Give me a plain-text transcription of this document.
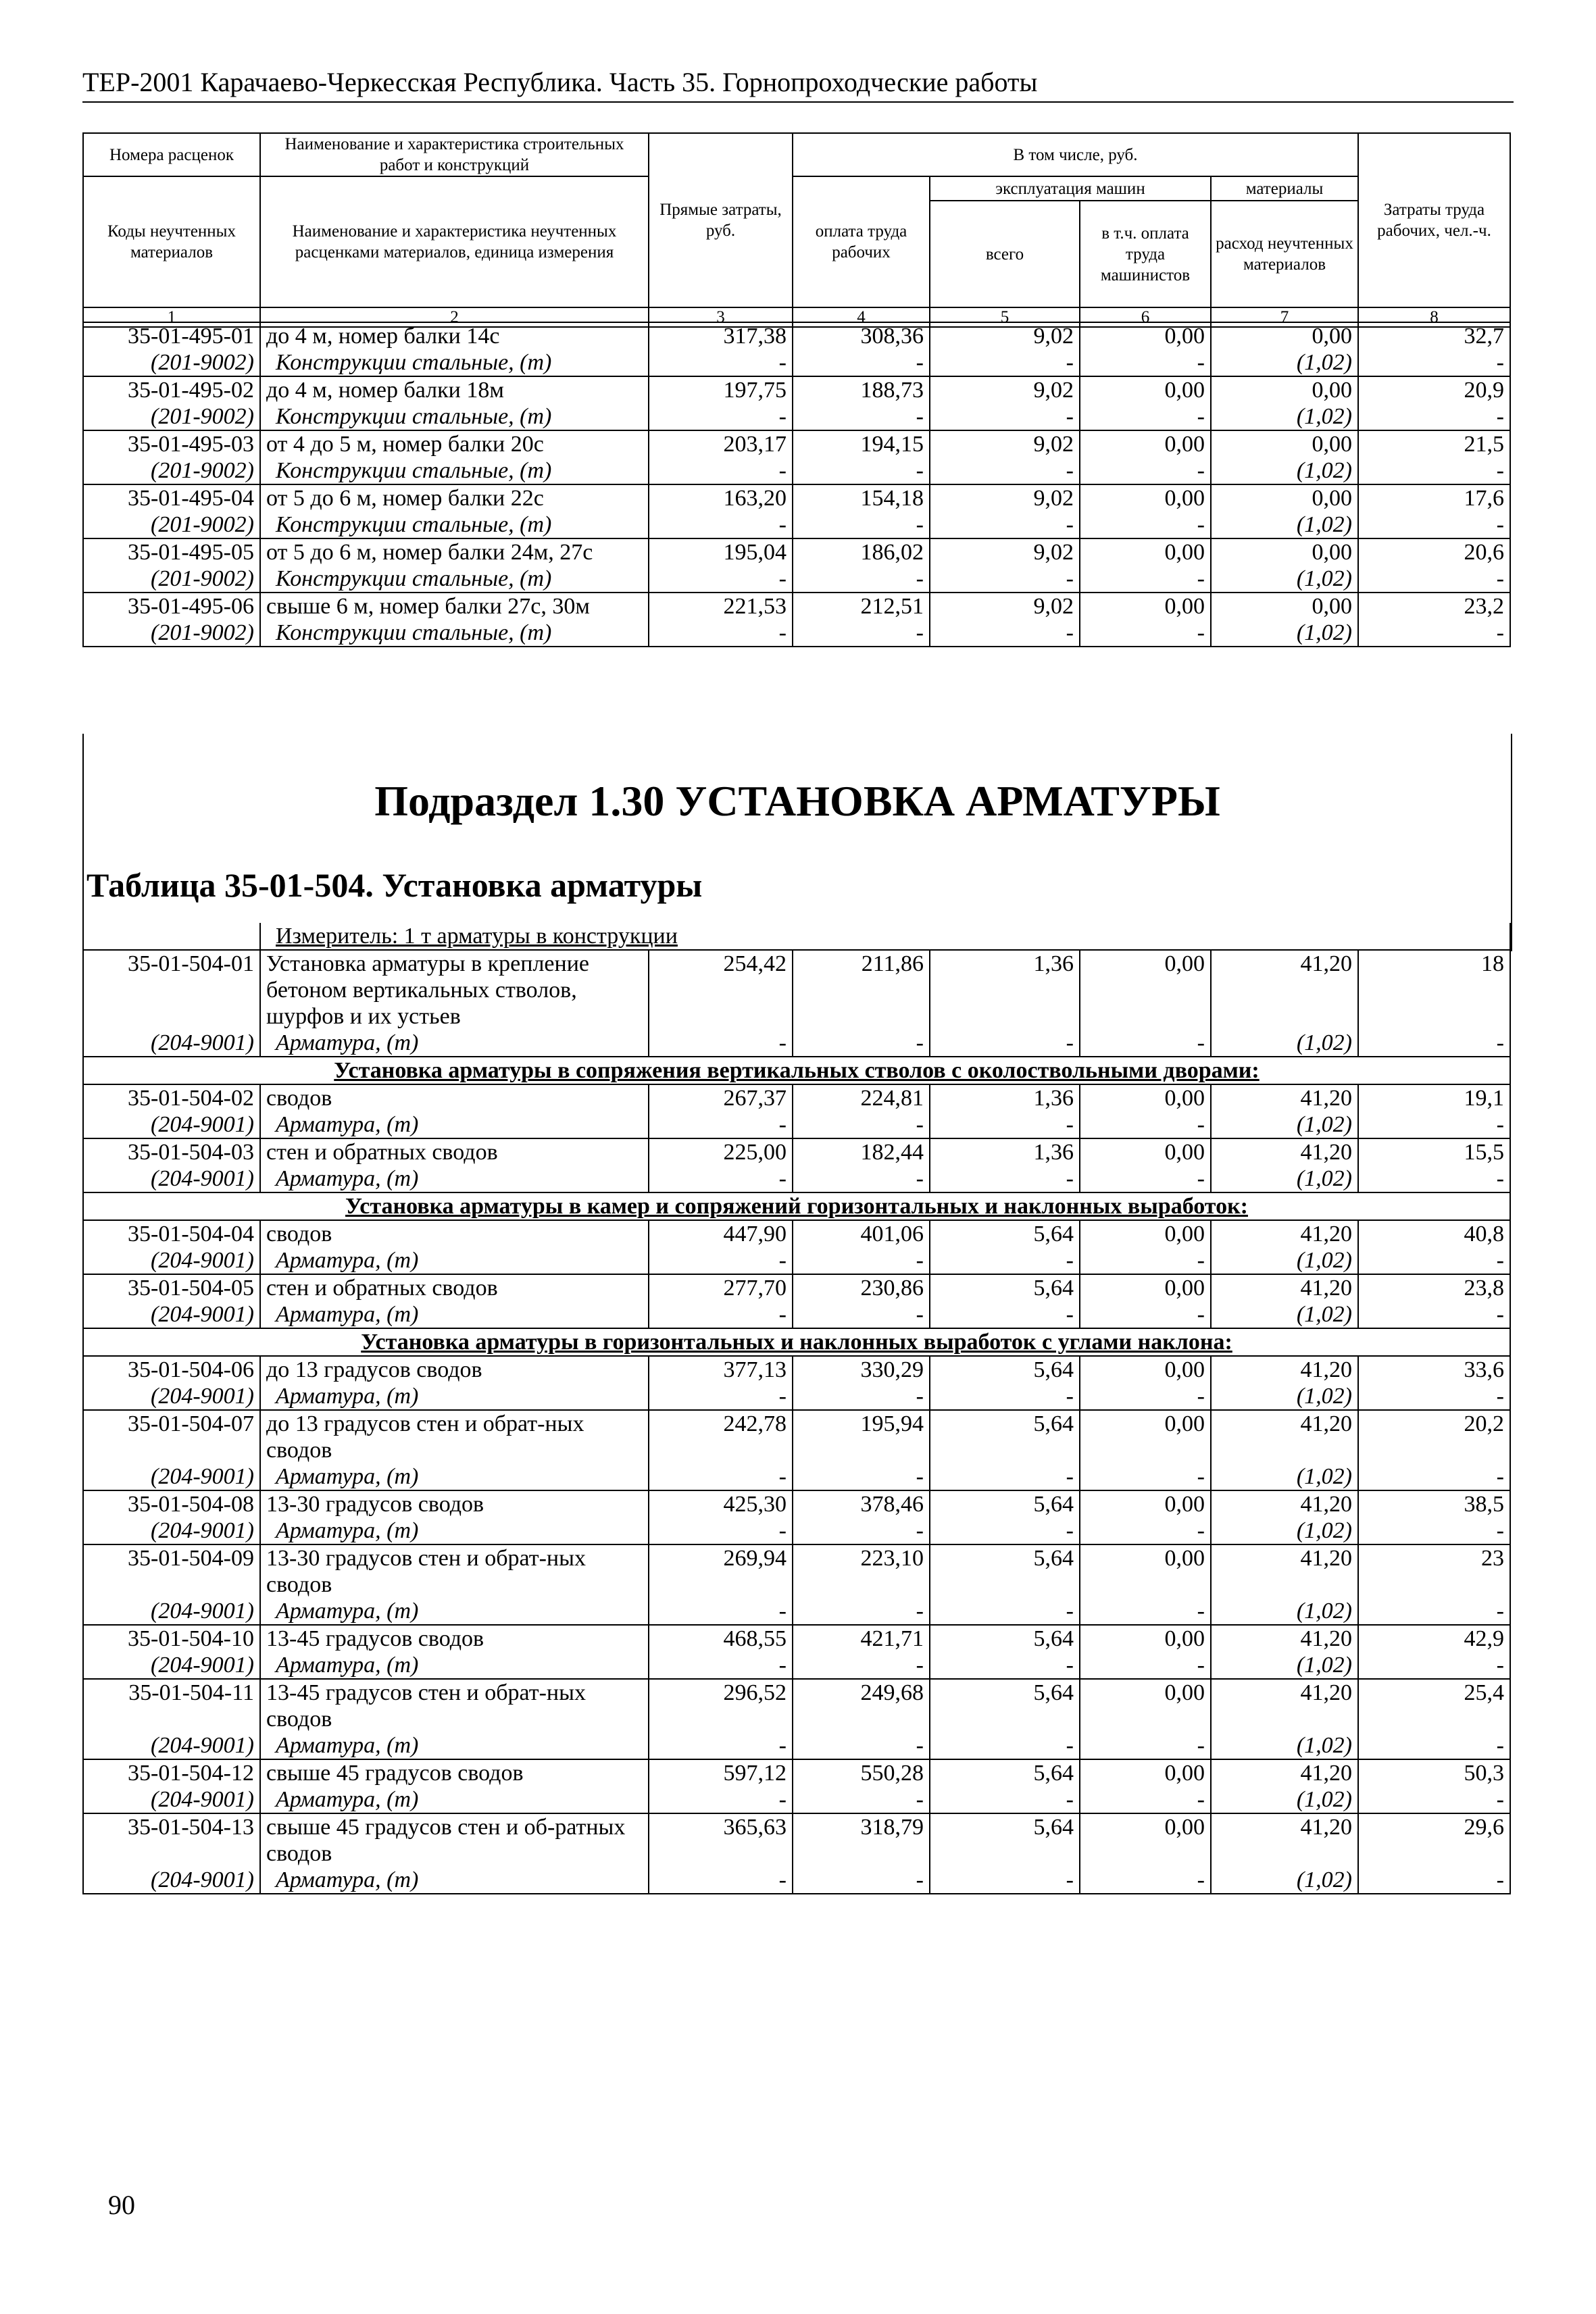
ТЕР-2001 Карачаево-Черкесская Республика. Часть 35. Горнопроходческие работы
Номера расценок	Наименование и характеристика строительных работ и конструкций	Прямые затраты, руб.	В том числе, руб.				Затраты труда рабочих, чел.-ч.
Коды неучтенных материалов	Наименование и характеристика неучтенных расценками материалов, единица измерения		оплата труда рабочих	эксплуатация машин		материалы	
				всего	в т.ч. оплата труда машинистов	расход неучтенных материалов	
1	2	3	4	5	6	7	8
35-01-495-01	до 4 м, номер балки 14с	317,38	308,36	9,02	0,00	0,00	32,7
(201-9002)	Конструкции стальные, (т)	-	-	-	-	(1,02)	-
35-01-495-02	до 4 м, номер балки 18м	197,75	188,73	9,02	0,00	0,00	20,9
(201-9002)	Конструкции стальные, (т)	-	-	-	-	(1,02)	-
35-01-495-03	от 4 до 5 м, номер балки 20с	203,17	194,15	9,02	0,00	0,00	21,5
(201-9002)	Конструкции стальные, (т)	-	-	-	-	(1,02)	-
35-01-495-04	от 5 до 6 м, номер балки 22с	163,20	154,18	9,02	0,00	0,00	17,6
(201-9002)	Конструкции стальные, (т)	-	-	-	-	(1,02)	-
35-01-495-05	от 5 до 6 м, номер балки 24м, 27с	195,04	186,02	9,02	0,00	0,00	20,6
(201-9002)	Конструкции стальные, (т)	-	-	-	-	(1,02)	-
35-01-495-06	свыше 6 м, номер балки 27с, 30м	221,53	212,51	9,02	0,00	0,00	23,2
(201-9002)	Конструкции стальные, (т)	-	-	-	-	(1,02)	-
Подраздел 1.30 УСТАНОВКА АРМАТУРЫ
Таблица 35-01-504. Установка арматуры
	Измеритель: 1 т арматуры в конструкции						
35-01-504-01	Установка арматуры в крепление бетоном вертикальных стволов, шурфов и их устьев	254,42	211,86	1,36	0,00	41,20	18
(204-9001)	Арматура, (т)	-	-	-	-	(1,02)	-
Установка арматуры в сопряжения вертикальных стволов с околоствольными дворами:							
35-01-504-02	сводов	267,37	224,81	1,36	0,00	41,20	19,1
(204-9001)	Арматура, (т)	-	-	-	-	(1,02)	-
35-01-504-03	стен и обратных сводов	225,00	182,44	1,36	0,00	41,20	15,5
(204-9001)	Арматура, (т)	-	-	-	-	(1,02)	-
Установка арматуры в камер и сопряжений горизонтальных и наклонных выработок:							
35-01-504-04	сводов	447,90	401,06	5,64	0,00	41,20	40,8
(204-9001)	Арматура, (т)	-	-	-	-	(1,02)	-
35-01-504-05	стен и обратных сводов	277,70	230,86	5,64	0,00	41,20	23,8
(204-9001)	Арматура, (т)	-	-	-	-	(1,02)	-
Установка арматуры в горизонтальных и наклонных выработок с углами наклона:							
35-01-504-06	до 13 градусов сводов	377,13	330,29	5,64	0,00	41,20	33,6
(204-9001)	Арматура, (т)	-	-	-	-	(1,02)	-
35-01-504-07	до 13 градусов стен и обрат-ных сводов	242,78	195,94	5,64	0,00	41,20	20,2
(204-9001)	Арматура, (т)	-	-	-	-	(1,02)	-
35-01-504-08	13-30 градусов сводов	425,30	378,46	5,64	0,00	41,20	38,5
(204-9001)	Арматура, (т)	-	-	-	-	(1,02)	-
35-01-504-09	13-30 градусов стен и обрат-ных сводов	269,94	223,10	5,64	0,00	41,20	23
(204-9001)	Арматура, (т)	-	-	-	-	(1,02)	-
35-01-504-10	13-45 градусов сводов	468,55	421,71	5,64	0,00	41,20	42,9
(204-9001)	Арматура, (т)	-	-	-	-	(1,02)	-
35-01-504-11	13-45 градусов стен и обрат-ных сводов	296,52	249,68	5,64	0,00	41,20	25,4
(204-9001)	Арматура, (т)	-	-	-	-	(1,02)	-
35-01-504-12	свыше 45 градусов сводов	597,12	550,28	5,64	0,00	41,20	50,3
(204-9001)	Арматура, (т)	-	-	-	-	(1,02)	-
35-01-504-13	свыше 45 градусов стен и об-ратных сводов	365,63	318,79	5,64	0,00	41,20	29,6
(204-9001)	Арматура, (т)	-	-	-	-	(1,02)	-
90
